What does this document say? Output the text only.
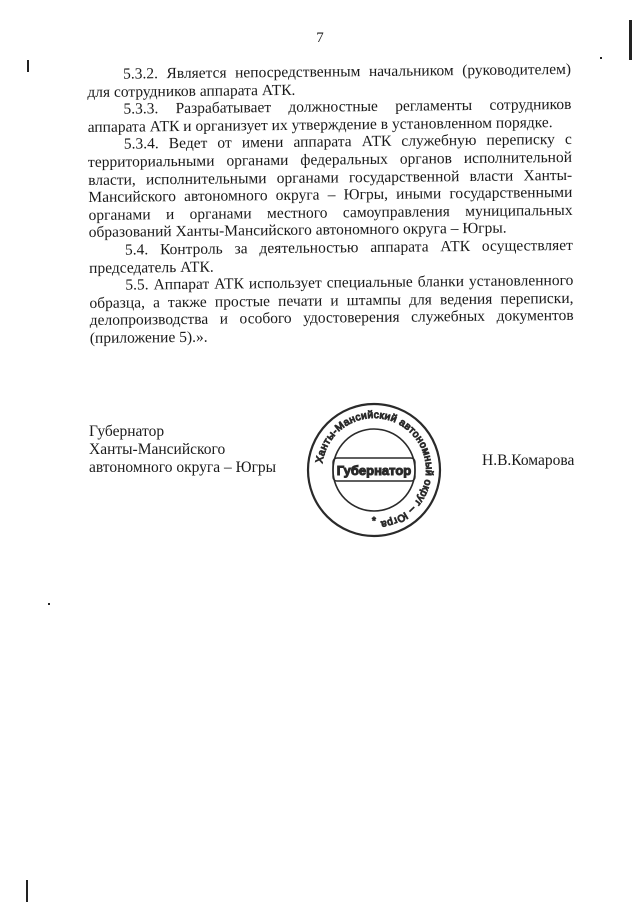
7

5.3.2. Является непосредственным начальником (руководителем) для сотрудников аппарата АТК.

5.3.3. Разрабатывает должностные регламенты сотрудников аппарата АТК и организует их утверждение в установленном порядке.

5.3.4. Ведет от имени аппарата АТК служебную переписку с территориальными органами федеральных органов исполнительной власти, исполнительными органами государственной власти Ханты-Мансийского автономного округа – Югры, иными государственными органами и органами местного самоуправления муниципальных образований Ханты-Мансийского автономного округа – Югры.

5.4. Контроль за деятельностью аппарата АТК осуществляет председатель АТК.

5.5. Аппарат АТК использует специальные бланки установленного образца, а также простые печати и штампы для ведения переписки, делопроизводства и особого удостоверения служебных документов (приложение 5).».

Губернатор
Ханты-Мансийского
автономного округа – Югры	Н.В.Комарова
Ханты-Мансийский автономный округ – Югра
Губернатор
*
